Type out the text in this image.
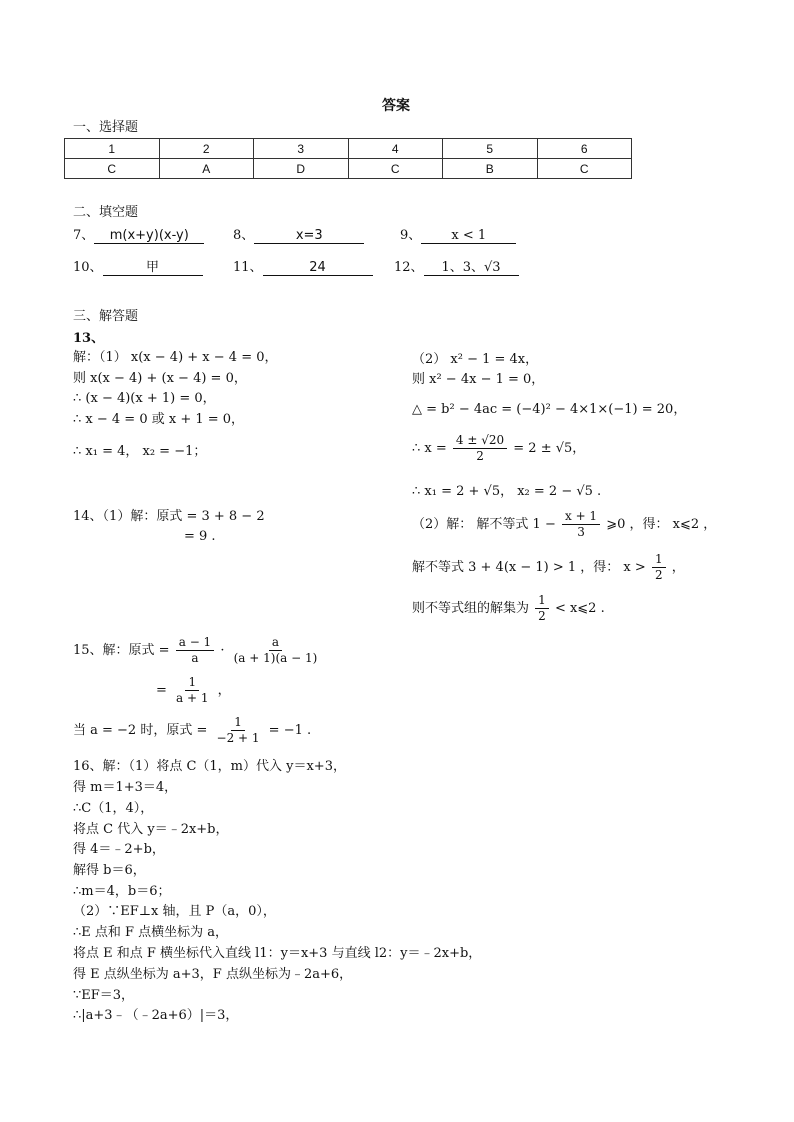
答案
一、选择题
1	2	3	4	5	6
C	A	D	C	B	C
二、填空题
7、 m(x+y)(x-y)	8、	x=3	9、 x < 1
10、	甲	11、	24	12、 1、3、√3
三、解答题
13、
解：（1） x(x − 4) + x − 4 = 0，
则 x(x − 4) + (x − 4) = 0，
∴ (x − 4)(x + 1) = 0，
∴ x − 4 = 0 或 x + 1 = 0，
∴ x₁ = 4， x₂ = −1；
（2） x² − 1 = 4x，
则 x² − 4x − 1 = 0，
△ = b² − 4ac = (−4)² − 4×1×(−1) = 20，
∴ $x = \frac{4 \pm √20}{2} = 2 \pm √5$，
∴ x₁ = 2 + √5， x₂ = 2 − √5 .
14、（1）解：原式 = 3 + 8 − 2
= 9 .
（2）解： 解不等式 $1 - \frac{x + 1}{3}$ ⩾0 ，得： x⩽2 ，
解不等式 3 + 4(x − 1) > 1 ，得： $x > \frac{1}{2}$ ，
则不等式组的解集为 $\frac{1}{2}$ < x⩽2 .
15、解：原式 = $\frac{a - 1}{a} \cdot \frac{a}{(a + 1)(a - 1)}$
= $\frac{1}{a + 1}$ ，
当 a = −2 时，原式 = $\frac{1}{-2 + 1} = -1$ .
16、解：（1）将点 C（1，m）代入 y＝x+3，
得 m＝1+3＝4，
∴C（1，4），
将点 C 代入 y＝﹣2x+b，
得 4＝﹣2+b，
解得 b＝6，
∴m＝4，b＝6；
（2）∵EF⊥x 轴，且 P（a，0），
∴E 点和 F 点横坐标为 a，
将点 E 和点 F 横坐标代入直线 l1：y＝x+3 与直线 l2：y＝﹣2x+b，
得 E 点纵坐标为 a+3，F 点纵坐标为﹣2a+6，
∵EF＝3，
∴|a+3﹣（﹣2a+6）|＝3，
